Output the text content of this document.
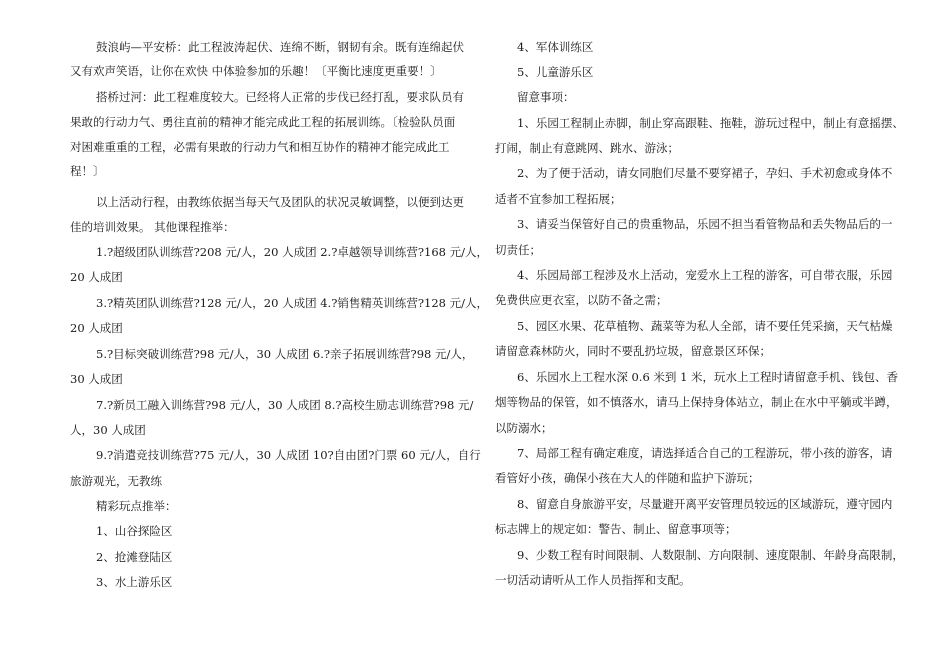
鼓浪屿—平安桥：此工程波涛起伏、连绵不断，钢韧有余。既有连绵起伏
又有欢声笑语，让你在欢快 中体验参加的乐趣！〔平衡比速度更重要！〕
搭桥过河：此工程难度较大。已经将人正常的步伐已经打乱，要求队员有
果敢的行动力气、勇往直前的精神才能完成此工程的拓展训练。〔检验队员面
对困难重重的工程，必需有果敢的行动力气和相互协作的精神才能完成此工
程！〕
以上活动行程，由教练依据当每天气及团队的状况灵敏调整，以便到达更
佳的培训效果。 其他课程推举：
1.?超级团队训练营?208 元/人，20 人成团 2.?卓越领导训练营?168 元/人，
20 人成团
3.?精英团队训练营?128 元/人，20 人成团 4.?销售精英训练营?128 元/人，
20 人成团
5.?目标突破训练营?98 元/人，30 人成团 6.?亲子拓展训练营?98 元/人，
30 人成团
7.?新员工融入训练营?98 元/人，30 人成团 8.?高校生励志训练营?98 元/
人，30 人成团
9.?消遣竞技训练营?75 元/人，30 人成团 10?自由团?门票 60 元/人，自行
旅游观光，无教练
精彩玩点推举：
1、山谷探险区
2、抢滩登陆区
3、水上游乐区
4、军体训练区
5、儿童游乐区
留意事项：
1、乐园工程制止赤脚，制止穿高跟鞋、拖鞋，游玩过程中，制止有意摇摆、
打闹，制止有意跳网、跳水、游泳；
2、为了便于活动，请女同胞们尽量不要穿裙子，孕妇、手术初愈或身体不
适者不宜参加工程拓展；
3、请妥当保管好自己的贵重物品，乐园不担当看管物品和丢失物品后的一
切责任；
4、乐园局部工程涉及水上活动，宠爱水上工程的游客，可自带衣服，乐园
免费供应更衣室，以防不备之需；
5、园区水果、花草植物、蔬菜等为私人全部，请不要任凭采摘，天气枯燥
请留意森林防火，同时不要乱扔垃圾，留意景区环保；
6、乐园水上工程水深 0.6 米到 1 米，玩水上工程时请留意手机、钱包、香
烟等物品的保管，如不慎落水，请马上保持身体站立，制止在水中平躺或半蹲，
以防溺水；
7、局部工程有确定难度，请选择适合自己的工程游玩，带小孩的游客，请
看管好小孩，确保小孩在大人的伴随和监护下游玩；
8、留意自身旅游平安，尽量避开离平安管理员较远的区域游玩，遵守园内
标志牌上的规定如：警告、制止、留意事项等；
9、少数工程有时间限制、人数限制、方向限制、速度限制、年龄身高限制，
一切活动请听从工作人员指挥和支配。
